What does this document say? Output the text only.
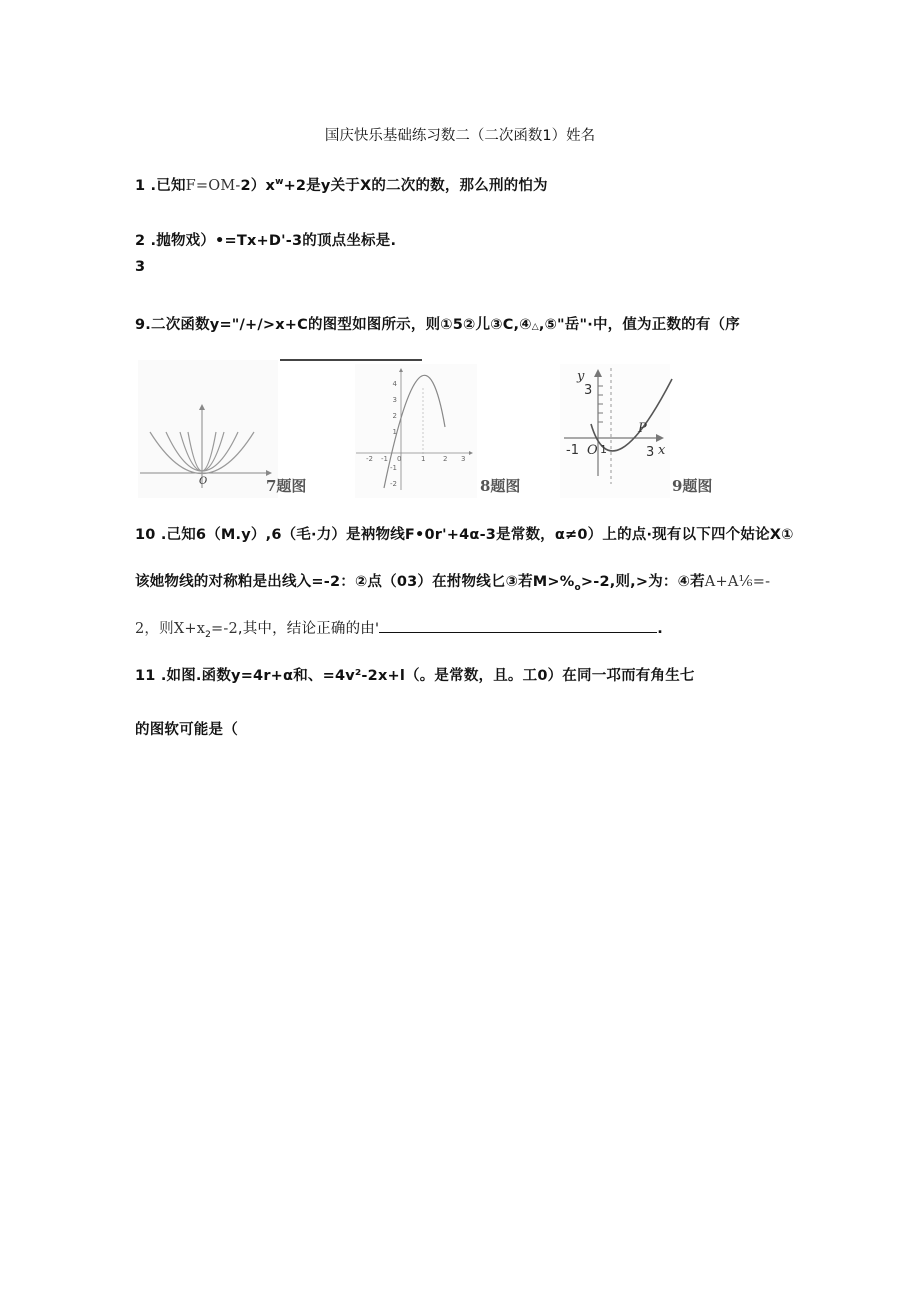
国庆快乐基础练习数二（二次函数1）姓名
1 .已知$F=OM-2)x^w+2$是y关于X的二次的数，那么刑的怕为
2 .抛物戏）•=Tx+D'-3的顶点坐标是.
3
9.二次函数y="/+/>x+C的图型如图所示，则①5②儿③C,④△,⑤"岳"·中，值为正数的有（序
O	7题图
4
3
2
1
-1
-2
-2 -1 0	1	2 3
8题图
y
3
-1 O 1	3 x
P
9题图
10 .己知6（M.y）,6（毛·力）是衲物线F•0r'+4α-3是常数，α≠0）上的点·现有以下四个姑论X①
该她物线的对称粕是出线入=-2：②点（03）在拊物线匕③若$M>\%_o>-2$,则,>为：④若A+A⅙=-
2，则$X+x_2=-2$,其中，结论正确的由'	.
11 .如图.函数y=4r+α和、=4v²-2x+l（。是常数，且。工0）在同一邛而有角生七
的图软可能是（
